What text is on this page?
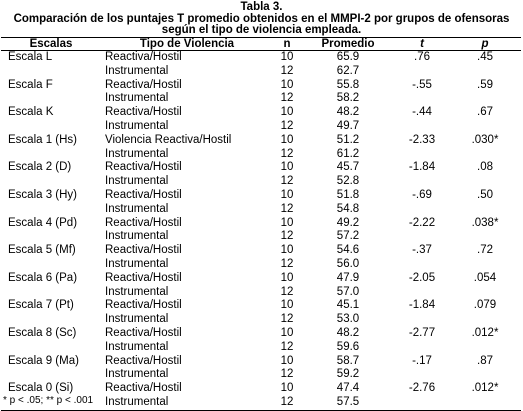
Tabla 3.
Comparación de los puntajes T promedio obtenidos en el MMPI-2 por grupos de ofensoras
según el tipo de violencia empleada.
Escalas	Tipo de Violencia	n	Promedio	t	p
Escala L	Reactiva/Hostil	10	65.9	.76	.45
	Instrumental	12	62.7		
Escala F	Reactiva/Hostil	10	55.8	-.55	.59
	Instrumental	12	58.2		
Escala K	Reactiva/Hostil	10	48.2	-.44	.67
	Instrumental	12	49.7		
Escala 1 (Hs)	Violencia Reactiva/Hostil	10	51.2	-2.33	.030*
	Instrumental	12	61.2		
Escala 2 (D)	Reactiva/Hostil	10	45.7	-1.84	.08
	Instrumental	12	52.8		
Escala 3 (Hy)	Reactiva/Hostil	10	51.8	-.69	.50
	Instrumental	12	54.8		
Escala 4 (Pd)	Reactiva/Hostil	10	49.2	-2.22	.038*
	Instrumental	12	57.2		
Escala 5 (Mf)	Reactiva/Hostil	10	54.6	-.37	.72
	Instrumental	12	56.0		
Escala 6 (Pa)	Reactiva/Hostil	10	47.9	-2.05	.054
	Instrumental	12	57.0		
Escala 7 (Pt)	Reactiva/Hostil	10	45.1	-1.84	.079
	Instrumental	12	53.0		
Escala 8 (Sc)	Reactiva/Hostil	10	48.2	-2.77	.012*
	Instrumental	12	59.6		
Escala 9 (Ma)	Reactiva/Hostil	10	58.7	-.17	.87
	Instrumental	12	59.2		
Escala 0 (Si)	Reactiva/Hostil	10	47.4	-2.76	.012*
	Instrumental	12	57.5		
* p < .05; ** p < .001
